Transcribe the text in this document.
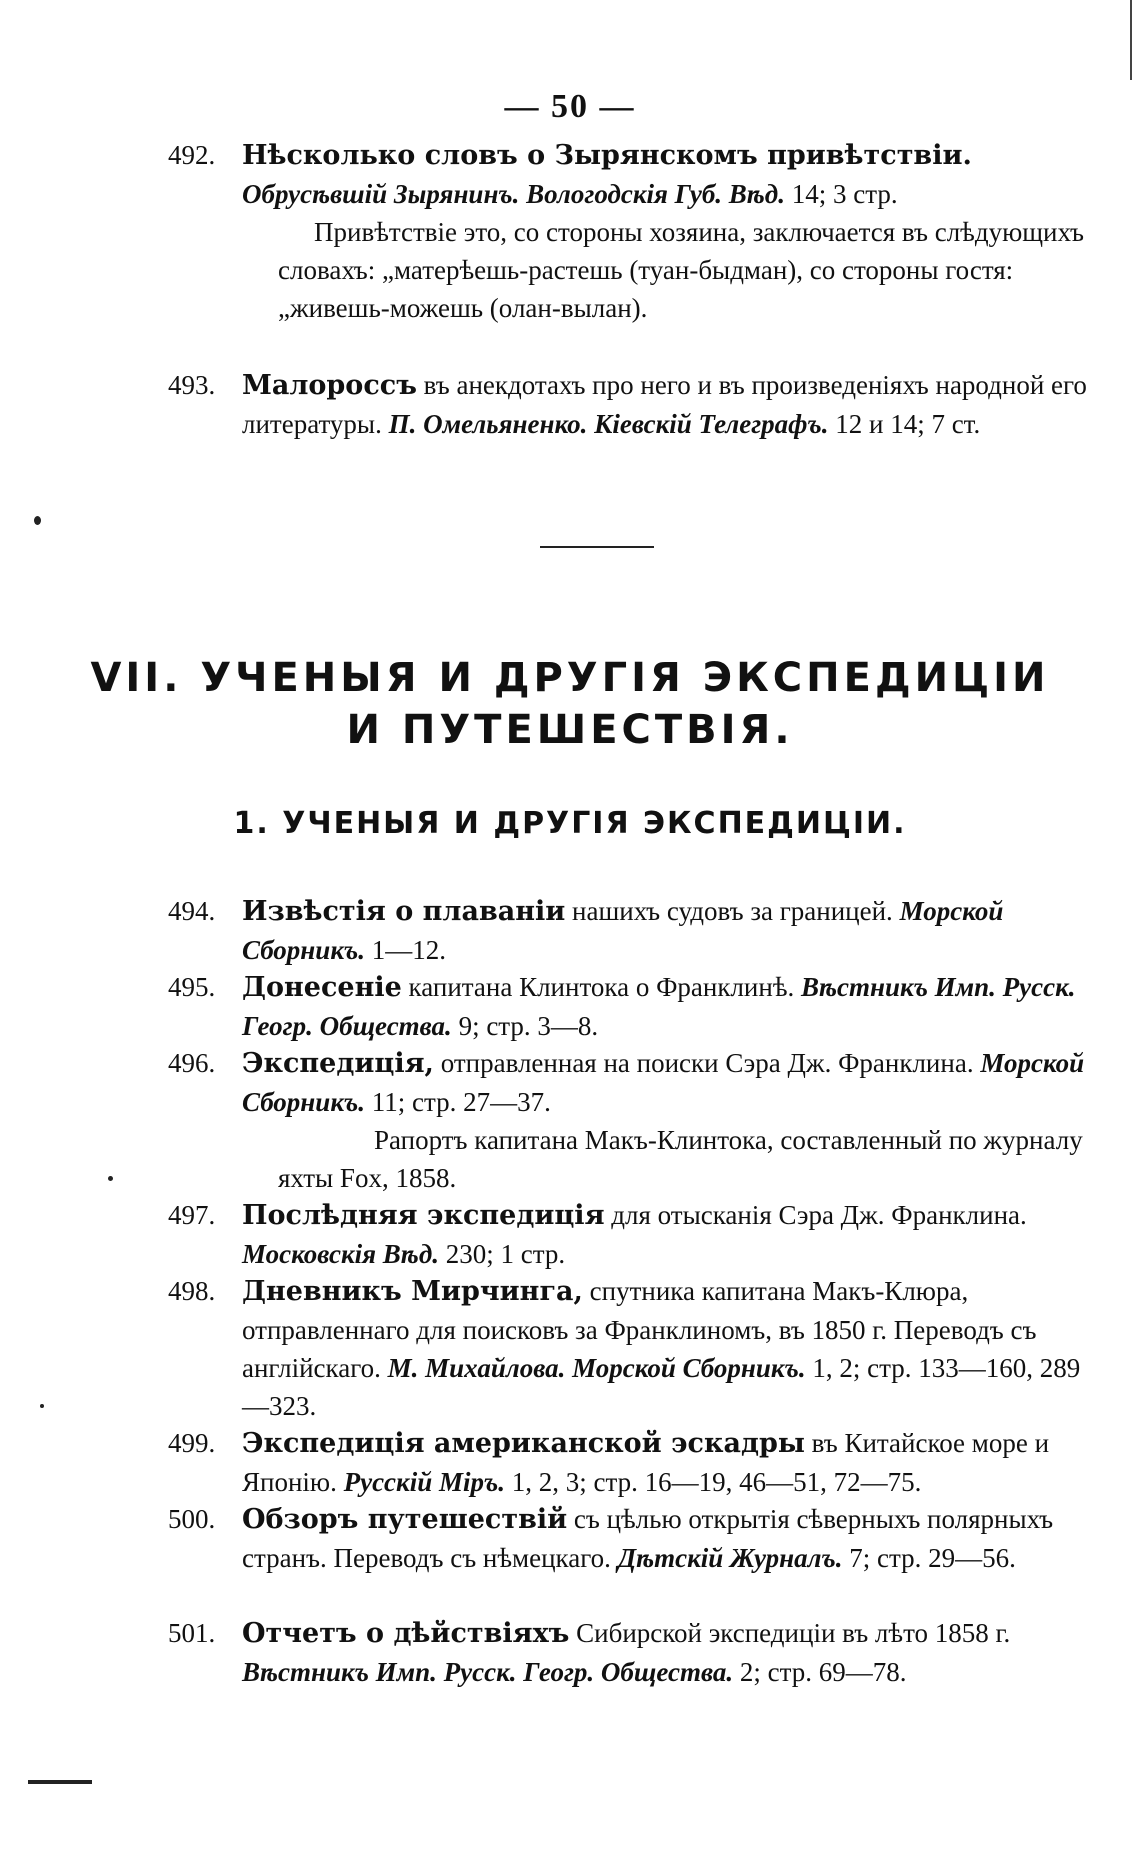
— 50 —
492. Нѣсколько словъ о Зырянскомъ привѣтствіи. Обрусѣвшій Зырянинъ. Вологодскія Губ. Вѣд. 14; 3 стр.
Привѣтствіе это, со стороны хозяина, заключается въ слѣдующихъ словахъ: „матерѣешь-растешь (туан-быдман), со стороны гостя: „живешь-можешь (олан-вылан).
493. Малороссъ въ анекдотахъ про него и въ произведеніяхъ народной его литературы. П. Омельяненко. Кіевскій Телеграфъ. 12 и 14; 7 ст.
VII. УЧЕНЫЯ И ДРУГІЯ ЭКСПЕДИЦІИ
И ПУТЕШЕСТВІЯ.
1. УЧЕНЫЯ И ДРУГІЯ ЭКСПЕДИЦІИ.
494. Извѣстія о плаваніи нашихъ судовъ за границей. Морской Сборникъ. 1—12.
495. Донесеніе капитана Клинтока о Франклинѣ. Вѣстникъ Имп. Русск. Геогр. Общества. 9; стр. 3—8.
496. Экспедиція, отправленная на поиски Сэра Дж. Франклина. Морской Сборникъ. 11; стр. 27—37.
Рапортъ капитана Макъ-Клинтока, составленный по журналу яхты Fox, 1858.
497. Послѣдняя экспедиція для отысканія Сэра Дж. Франклина. Московскія Вѣд. 230; 1 стр.
498. Дневникъ Мирчинга, спутника капитана Макъ-Клюра, отправленнаго для поисковъ за Франклиномъ, въ 1850 г. Переводъ съ англійскаго. М. Михайлова. Морской Сборникъ. 1, 2; стр. 133—160, 289—323.
499. Экспедиція американской эскадры въ Китайское море и Японію. Русскій Міръ. 1, 2, 3; стр. 16—19, 46—51, 72—75.
500. Обзоръ путешествій съ цѣлью открытія сѣверныхъ полярныхъ странъ. Переводъ съ нѣмецкаго. Дѣтскій Журналъ. 7; стр. 29—56.
501. Отчетъ о дѣйствіяхъ Сибирской экспедиціи въ лѣто 1858 г. Вѣстникъ Имп. Русск. Геогр. Общества. 2; стр. 69—78.
